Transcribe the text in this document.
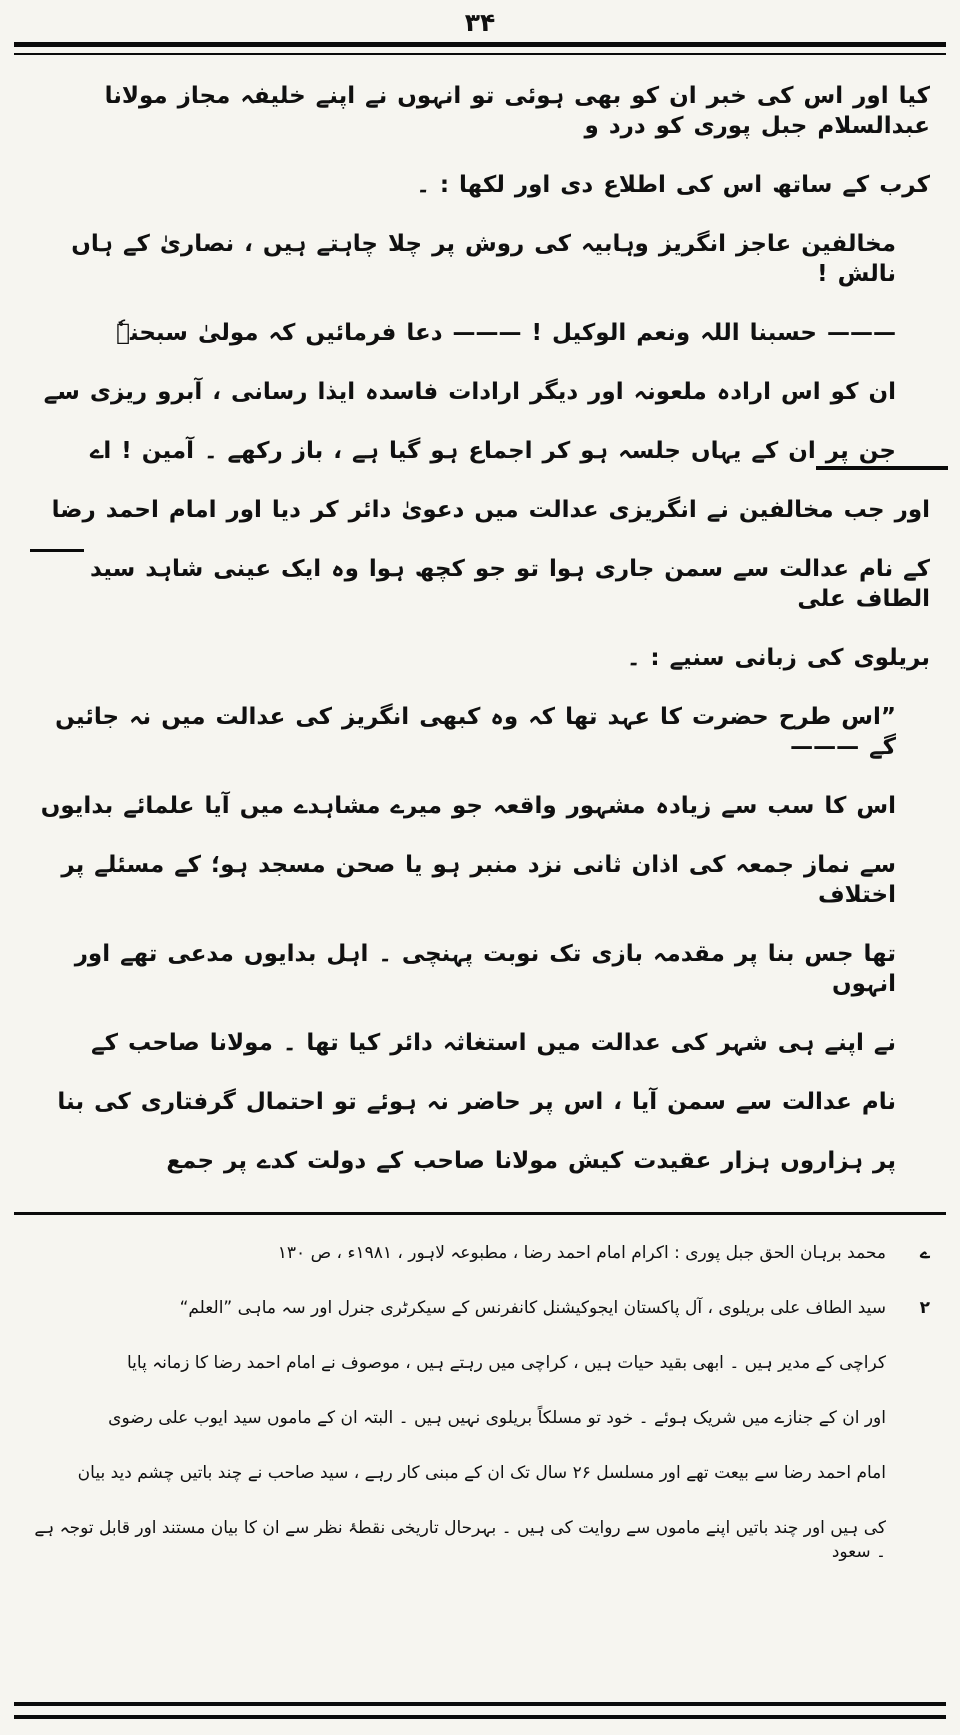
۳۴
کیا اور اس کی خبر ان کو بھی ہوئی تو انہوں نے اپنے خلیفہ مجاز مولانا عبدالسلام جبل پوری کو درد و
کرب کے ساتھ اس کی اطلاع دی اور لکھا : ۔
مخالفین عاجز انگریز وہابیہ کی روش پر چلا چاہتے ہیں ، نصاریٰ کے ہاں نالش !
——— حسبنا اللہ ونعم الوکیل ! ——— دعا فرمائیں کہ مولیٰ سبحنہٗ
ان کو اس ارادہ ملعونہ اور دیگر ارادات فاسدہ ایذا رسانی ، آبرو ریزی سے
جن پر ان کے یہاں جلسہ ہو کر اجماع ہو گیا ہے ، باز رکھے ۔ آمین ! اے
اور جب مخالفین نے انگریزی عدالت میں دعویٰ دائر کر دیا اور امام احمد رضا
کے نام عدالت سے سمن جاری ہوا تو جو کچھ ہوا وہ ایک عینی شاہد سید الطاف علی
بریلوی کی زبانی سنیے : ۔
”اس طرح حضرت کا عہد تھا کہ وہ کبھی انگریز کی عدالت میں نہ جائیں گے ———
اس کا سب سے زیادہ مشہور واقعہ جو میرے مشاہدے میں آیا علمائے بدایوں
سے نماز جمعہ کی اذان ثانی نزد منبر ہو یا صحن مسجد ہو؛ کے مسئلے پر اختلاف
تھا جس بنا پر مقدمہ بازی تک نوبت پہنچی ۔ اہل بدایوں مدعی تھے اور انہوں
نے اپنے ہی شہر کی عدالت میں استغاثہ دائر کیا تھا ۔ مولانا صاحب کے
نام عدالت سے سمن آیا ، اس پر حاضر نہ ہوئے تو احتمال گرفتاری کی بنا
پر ہزاروں ہزار عقیدت کیش مولانا صاحب کے دولت کدے پر جمع
ے
محمد برہان الحق جبل پوری : اکرام امام احمد رضا ، مطبوعہ لاہور ، ۱۹۸۱ء ، ص ۱۳۰
۲
سید الطاف علی بریلوی ، آل پاکستان ایجوکیشنل کانفرنس کے سیکرٹری جنرل اور سہ ماہی ”العلم“
کراچی کے مدیر ہیں ۔ ابھی بقید حیات ہیں ، کراچی میں رہتے ہیں ، موصوف نے امام احمد رضا کا زمانہ پایا
اور ان کے جنازے میں شریک ہوئے ۔ خود تو مسلکاً بریلوی نہیں ہیں ۔ البتہ ان کے ماموں سید ایوب علی رضوی
امام احمد رضا سے بیعت تھے اور مسلسل ۲۶ سال تک ان کے مبنی کار رہے ، سید صاحب نے چند باتیں چشم دید بیان
کی ہیں اور چند باتیں اپنے ماموں سے روایت کی ہیں ۔ بہرحال تاریخی نقطۂ نظر سے ان کا بیان مستند اور قابل توجہ ہے ۔ سعود
